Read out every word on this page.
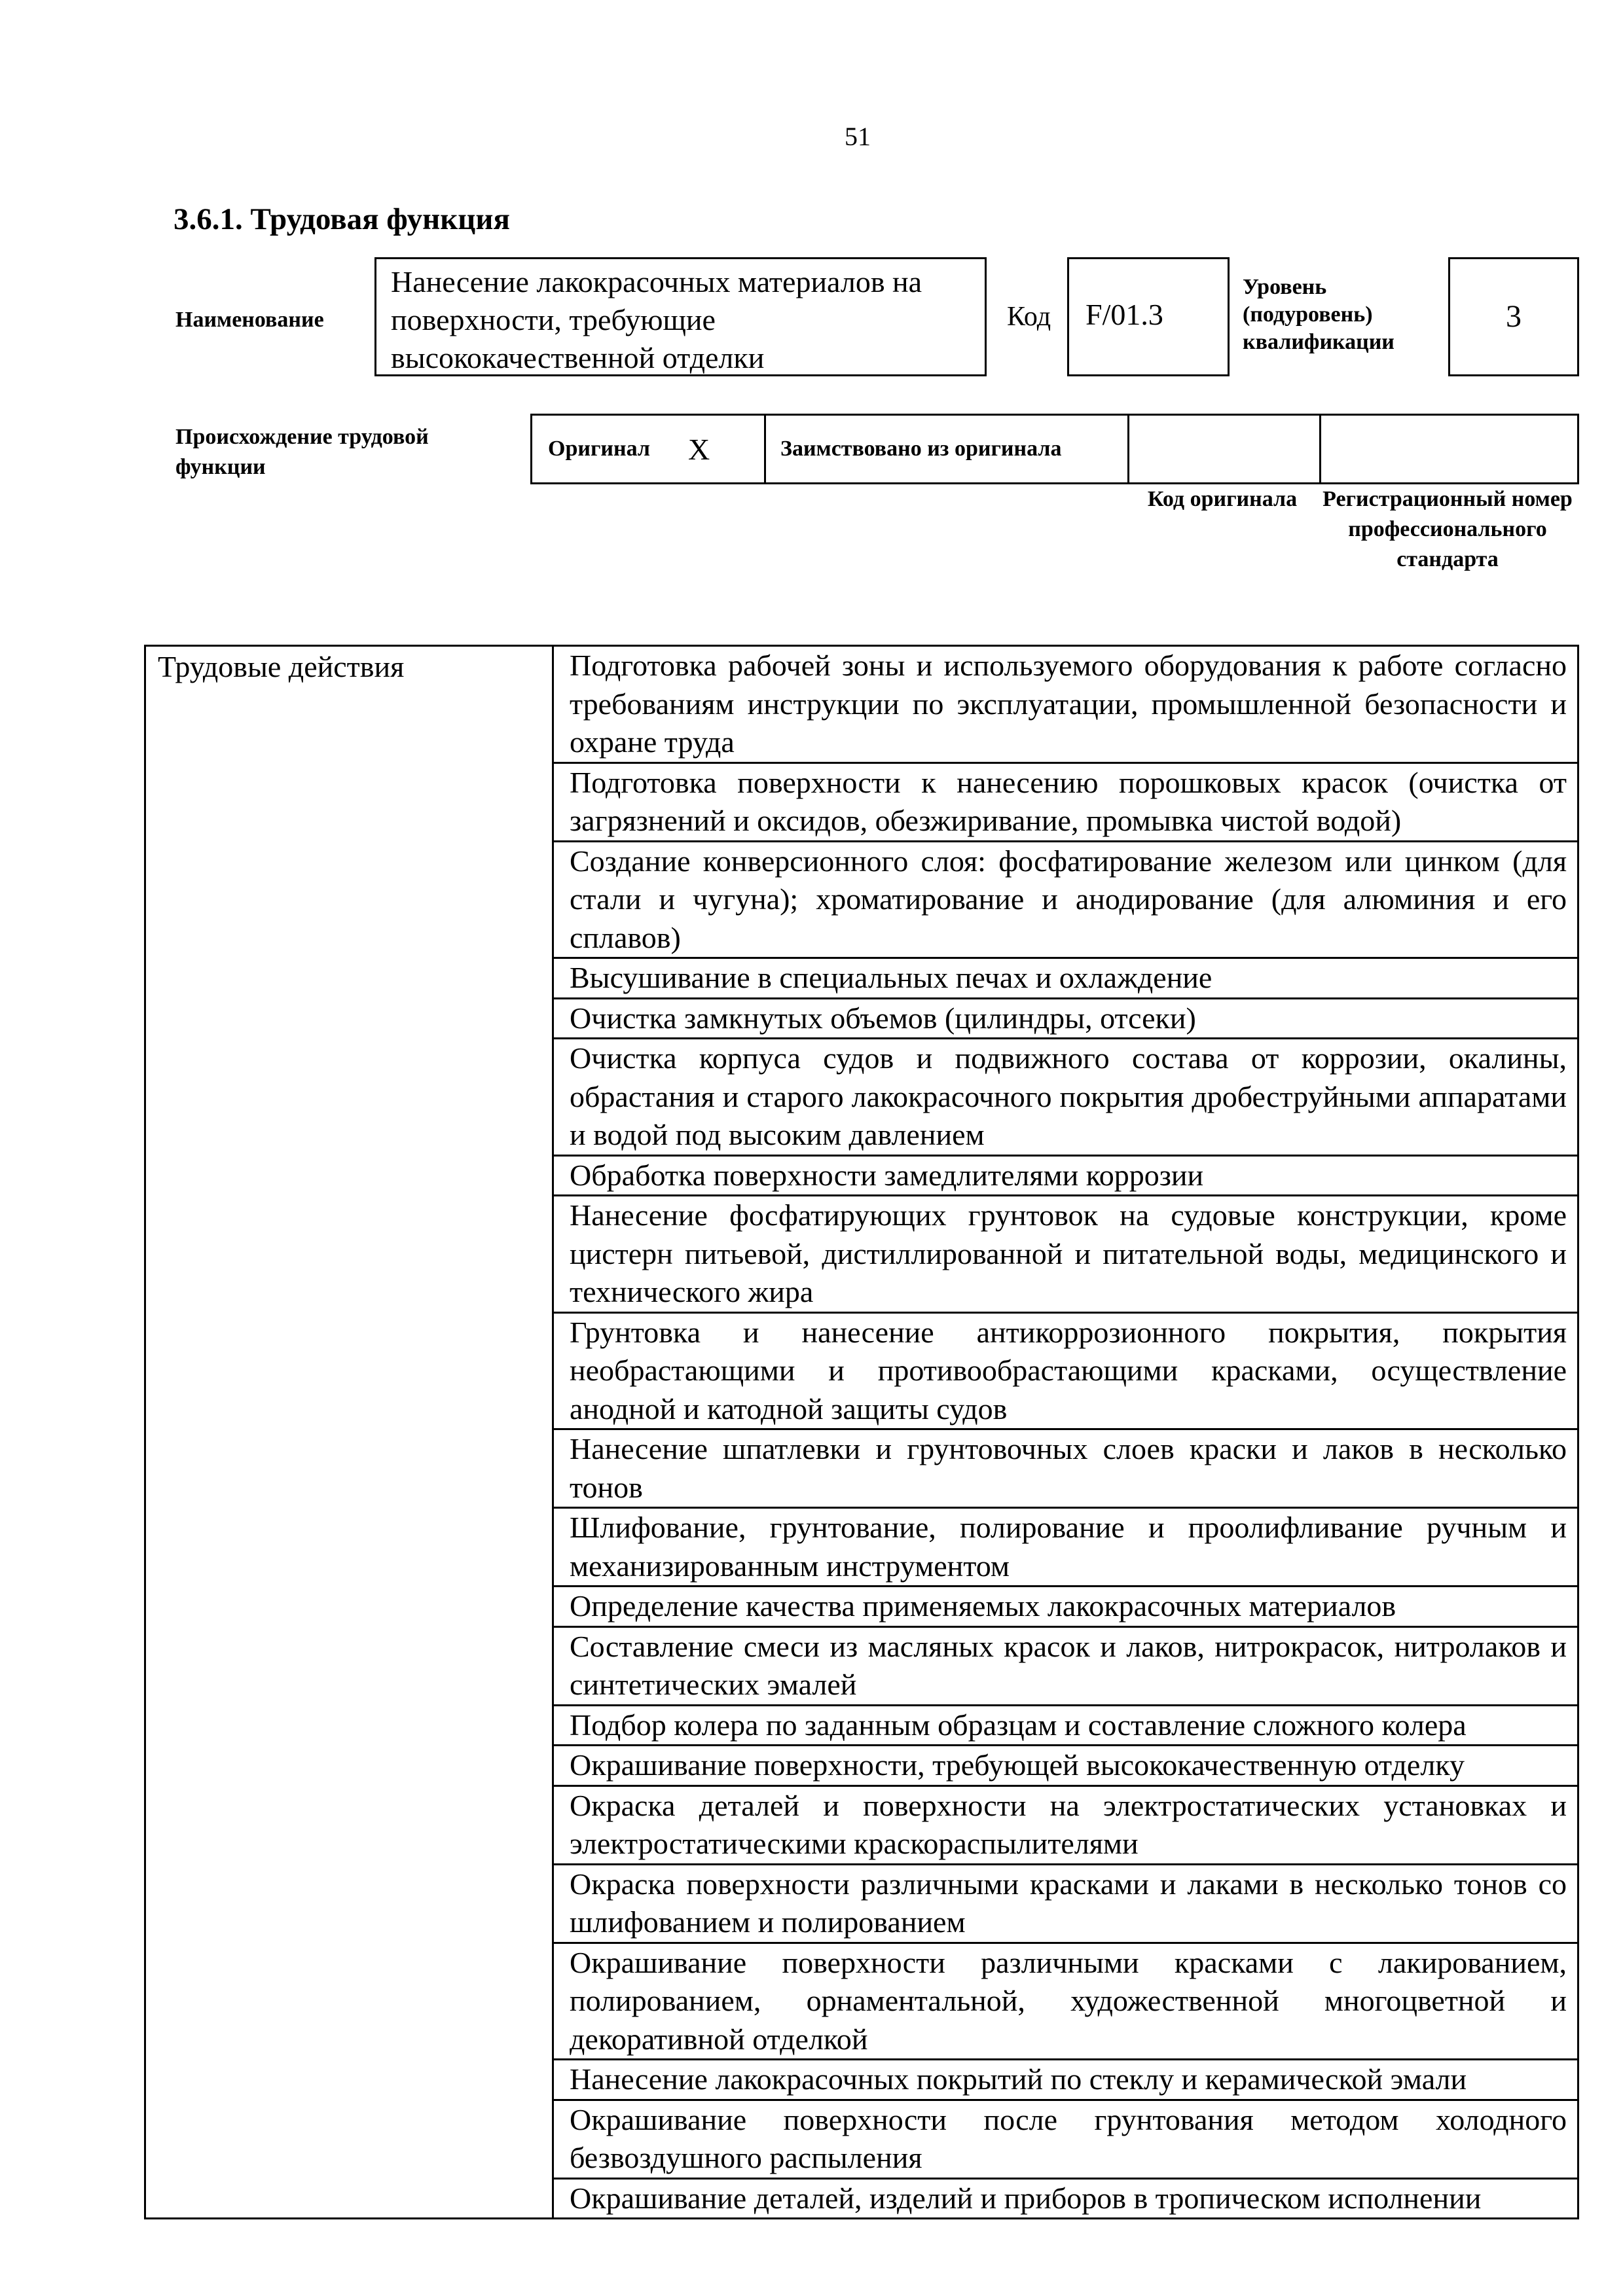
51
3.6.1. Трудовая функция
Наименование
Нанесение лакокрасочных материалов на поверхности, требующие высококачественной отделки
Код	F/01.3
Уровень (подуровень) квалификации
3
Происхождение трудовой функции
Оригинал X	Заимствовано из оригинала
Код оригинала	Регистрационный номер профессионального стандарта
Трудовые действия	Подготовка рабочей зоны и используемого оборудования к работе согласно требованиям инструкции по эксплуатации, промышленной безопасности и охране труда
Подготовка поверхности к нанесению порошковых красок (очистка от загрязнений и оксидов, обезжиривание, промывка чистой водой)
Создание конверсионного слоя: фосфатирование железом или цинком (для стали и чугуна); хроматирование и анодирование (для алюминия и его сплавов)
Высушивание в специальных печах и охлаждение
Очистка замкнутых объемов (цилиндры, отсеки)
Очистка корпуса судов и подвижного состава от коррозии, окалины, обрастания и старого лакокрасочного покрытия дробеструйными аппаратами и водой под высоким давлением
Обработка поверхности замедлителями коррозии
Нанесение фосфатирующих грунтовок на судовые конструкции, кроме цистерн питьевой, дистиллированной и питательной воды, медицинского и технического жира
Грунтовка и нанесение антикоррозионного покрытия, покрытия необрастающими и противообрастающими красками, осуществление анодной и катодной защиты судов
Нанесение шпатлевки и грунтовочных слоев краски и лаков в несколько тонов
Шлифование, грунтование, полирование и проолифливание ручным и механизированным инструментом
Определение качества применяемых лакокрасочных материалов
Составление смеси из масляных красок и лаков, нитрокрасок, нитролаков и синтетических эмалей
Подбор колера по заданным образцам и составление сложного колера
Окрашивание поверхности, требующей высококачественную отделку
Окраска деталей и поверхности на электростатических установках и электростатическими краскораспылителями
Окраска поверхности различными красками и лаками в несколько тонов со шлифованием и полированием
Окрашивание поверхности различными красками с лакированием, полированием, орнаментальной, художественной многоцветной и декоративной отделкой
Нанесение лакокрасочных покрытий по стеклу и керамической эмали
Окрашивание поверхности после грунтования методом холодного безвоздушного распыления
Окрашивание деталей, изделий и приборов в тропическом исполнении
